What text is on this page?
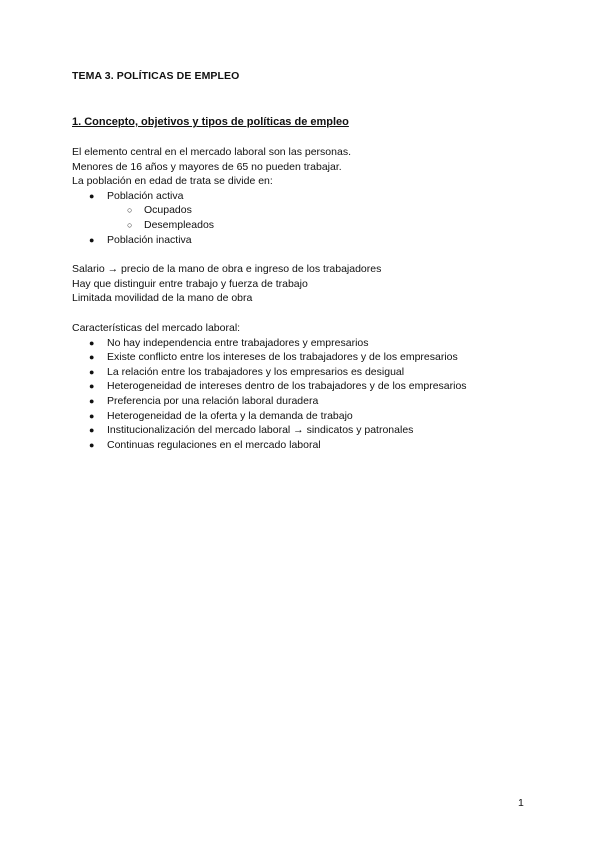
TEMA 3. POLÍTICAS DE EMPLEO
1. Concepto, objetivos y tipos de políticas de empleo

El elemento central en el mercado laboral son las personas.

Menores de 16 años y mayores de 65 no pueden trabajar.

La población en edad de trata se divide en:

● Población activa
○ Ocupados
○ Desempleados
● Población inactiva

Salario → precio de la mano de obra e ingreso de los trabajadores

Hay que distinguir entre trabajo y fuerza de trabajo

Limitada movilidad de la mano de obra

Características del mercado laboral:

● No hay independencia entre trabajadores y empresarios
● Existe conflicto entre los intereses de los trabajadores y de los empresarios
● La relación entre los trabajadores y los empresarios es desigual
● Heterogeneidad de intereses dentro de los trabajadores y de los empresarios
● Preferencia por una relación laboral duradera
● Heterogeneidad de la oferta y la demanda de trabajo
● Institucionalización del mercado laboral → sindicatos y patronales
● Continuas regulaciones en el mercado laboral
1
